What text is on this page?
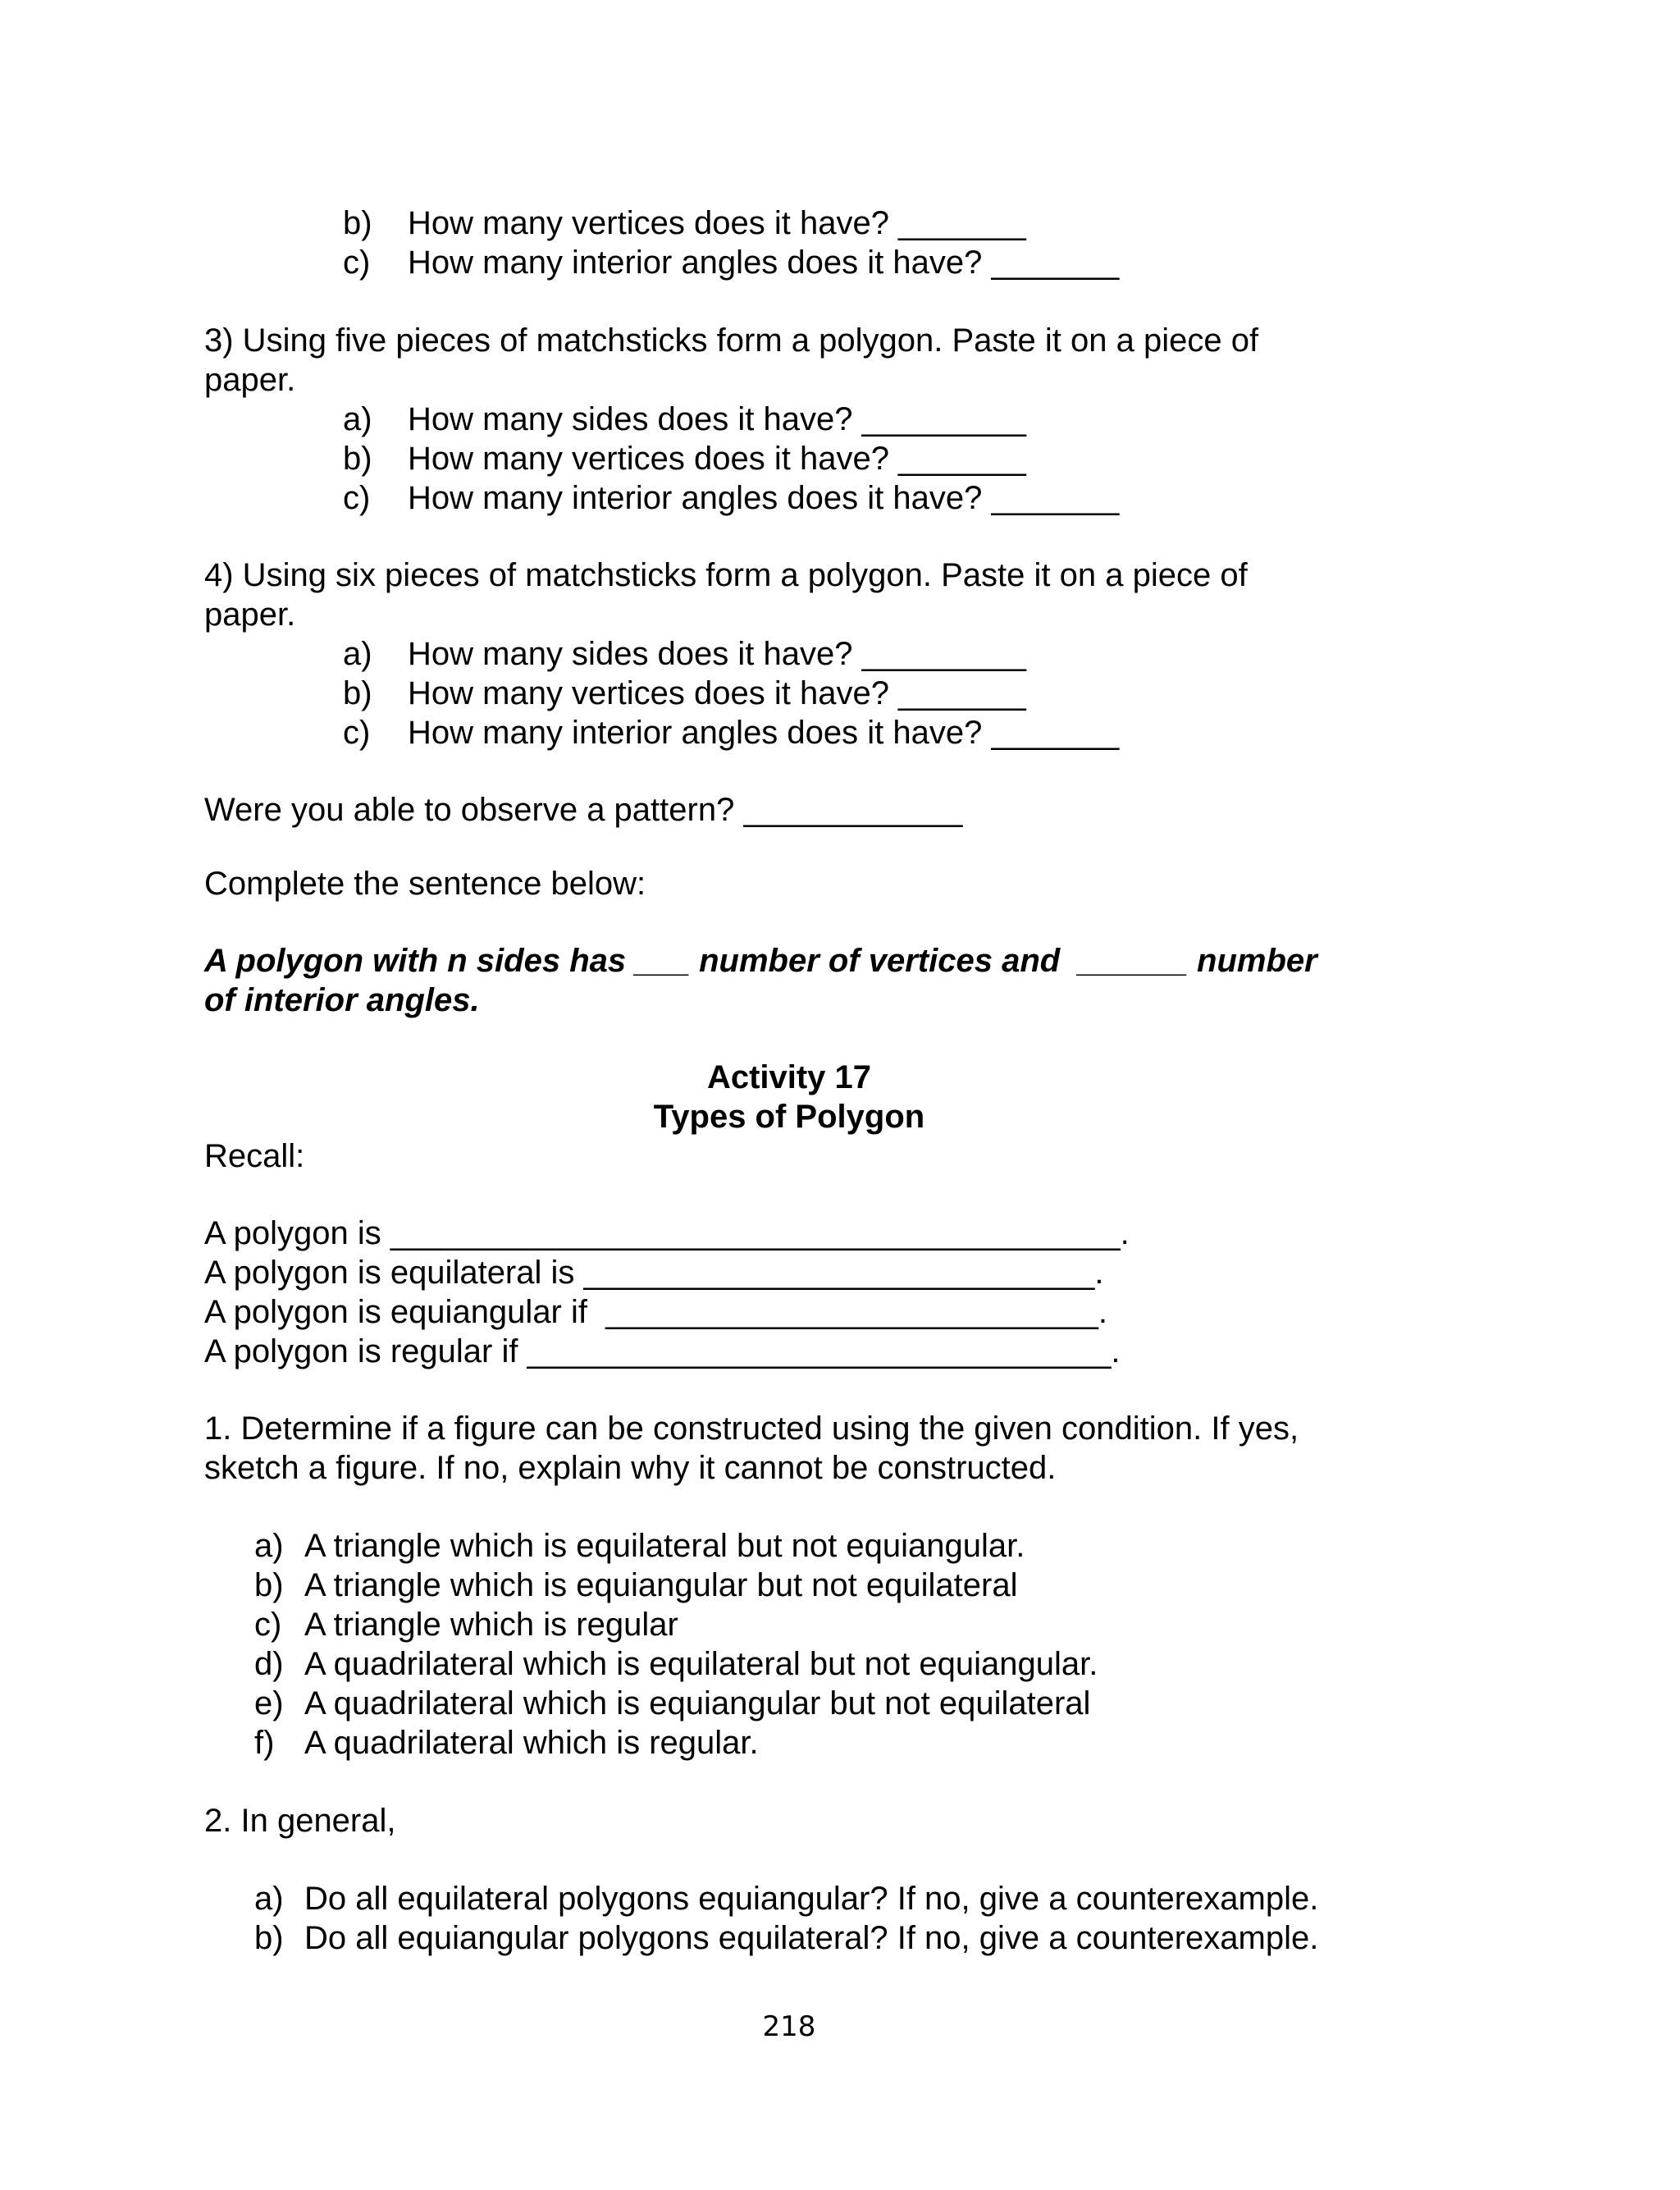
b) How many vertices does it have? _______
c) How many interior angles does it have? _______
3) Using five pieces of matchsticks form a polygon. Paste it on a piece of
paper.
a) How many sides does it have? _________
b) How many vertices does it have? _______
c) How many interior angles does it have? _______
4) Using six pieces of matchsticks form a polygon. Paste it on a piece of
paper.
a) How many sides does it have? _________
b) How many vertices does it have? _______
c) How many interior angles does it have? _______
Were you able to observe a pattern? ____________
Complete the sentence below:
A polygon with n sides has ___ number of vertices and  ______ number
of interior angles.
Activity 17
Types of Polygon
Recall:
A polygon is ________________________________________.
A polygon is equilateral is ____________________________.
A polygon is equiangular if  ___________________________.
A polygon is regular if ________________________________.
1. Determine if a figure can be constructed using the given condition. If yes,
sketch a figure. If no, explain why it cannot be constructed.
a) A triangle which is equilateral but not equiangular.
b) A triangle which is equiangular but not equilateral
c) A triangle which is regular
d) A quadrilateral which is equilateral but not equiangular.
e) A quadrilateral which is equiangular but not equilateral
f) A quadrilateral which is regular.
2. In general,
a) Do all equilateral polygons equiangular? If no, give a counterexample.
b) Do all equiangular polygons equilateral? If no, give a counterexample.
218
